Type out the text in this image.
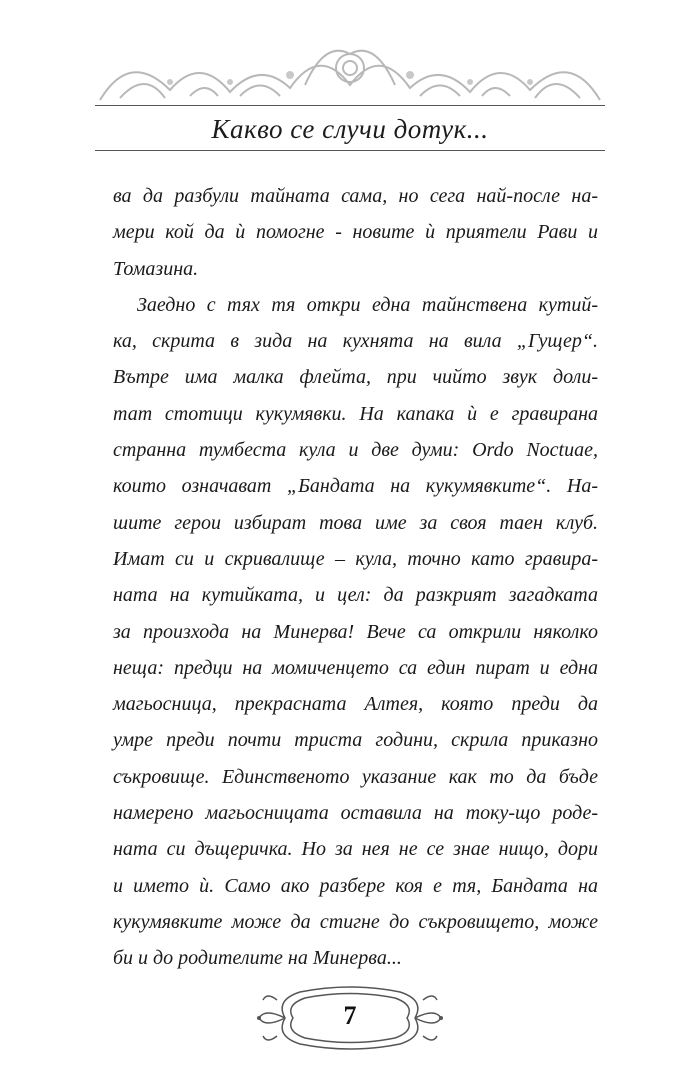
Какво се случи дотук...
ва да разбули тайната сама, но сега най-после на-
мери кой да ѝ помогне - новите ѝ приятели Рави и
Томазина.
Заедно с тях тя откри една тайнствена кутий-
ка, скрита в зида на кухнята на вила „Гущер“.
Вътре има малка флейта, при чийто звук доли-
тат стотици кукумявки. На капака ѝ е гравирана
странна тумбеста кула и две думи: Ordo Noctuae,
които означават „Бандата на кукумявките“. На-
шите герои избират това име за своя таен клуб.
Имат си и скривалище – кула, точно като гравира-
ната на кутийката, и цел: да разкрият загадката
за произхода на Минерва! Вече са открили няколко
неща: предци на момиченцето са един пират и една
магьосница, прекрасната Алтея, която преди да
умре преди почти триста години, скрила приказно
съкровище. Единственото указание как то да бъде
намерено магьосницата оставила на току-що роде-
ната си дъщеричка. Но за нея не се знае нищо, дори
и името ѝ. Само ако разбере коя е тя, Бандата на
кукумявките може да стигне до съкровището, може
би и до родителите на Минерва...
7
